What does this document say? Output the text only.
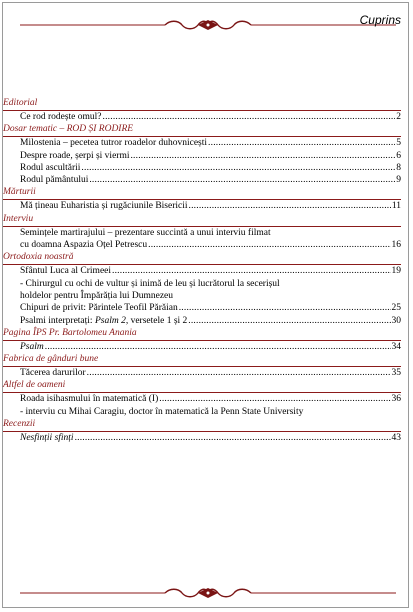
Cuprins
Editorial
Ce rod rodește omul? .....	2
Dosar tematic – ROD ȘI RODIRE
Milostenia – pecetea tutror roadelor duhovnicești .....	5
Despre roade, șerpi și viermi .....	6
Rodul ascultării .....	8
Rodul pământului .....	9
Mărturii
Mă țineau Euharistia și rugăciunile Bisericii .....	11
Interviu
Semințele martirajului – prezentare succintă a unui interviu filmat
cu doamna Aspazia Oțel Petrescu .....	16
Ortodoxia noastră
Sfântul Luca al Crimeei .....	19
- Chirurgul cu ochi de vultur și inimă de leu și lucrătorul la secerișul
holdelor pentru Împărăția lui Dumnezeu
Chipuri de privit: Părintele Teofil Părăian .....	25
Psalmi interpretați: Psalm 2, versetele 1 și 2 .....	30
Pagina ÎPS Pr. Bartolomeu Anania
Psalm .....	34
Fabrica de gânduri bune
Tăcerea darurilor .....	35
Altfel de oameni
Roada isihasmului în matematică (I) .....	36
- interviu cu Mihai Caragiu, doctor în matematică la Penn State University
Recenzii
Nesfinții sfinți .....	43
